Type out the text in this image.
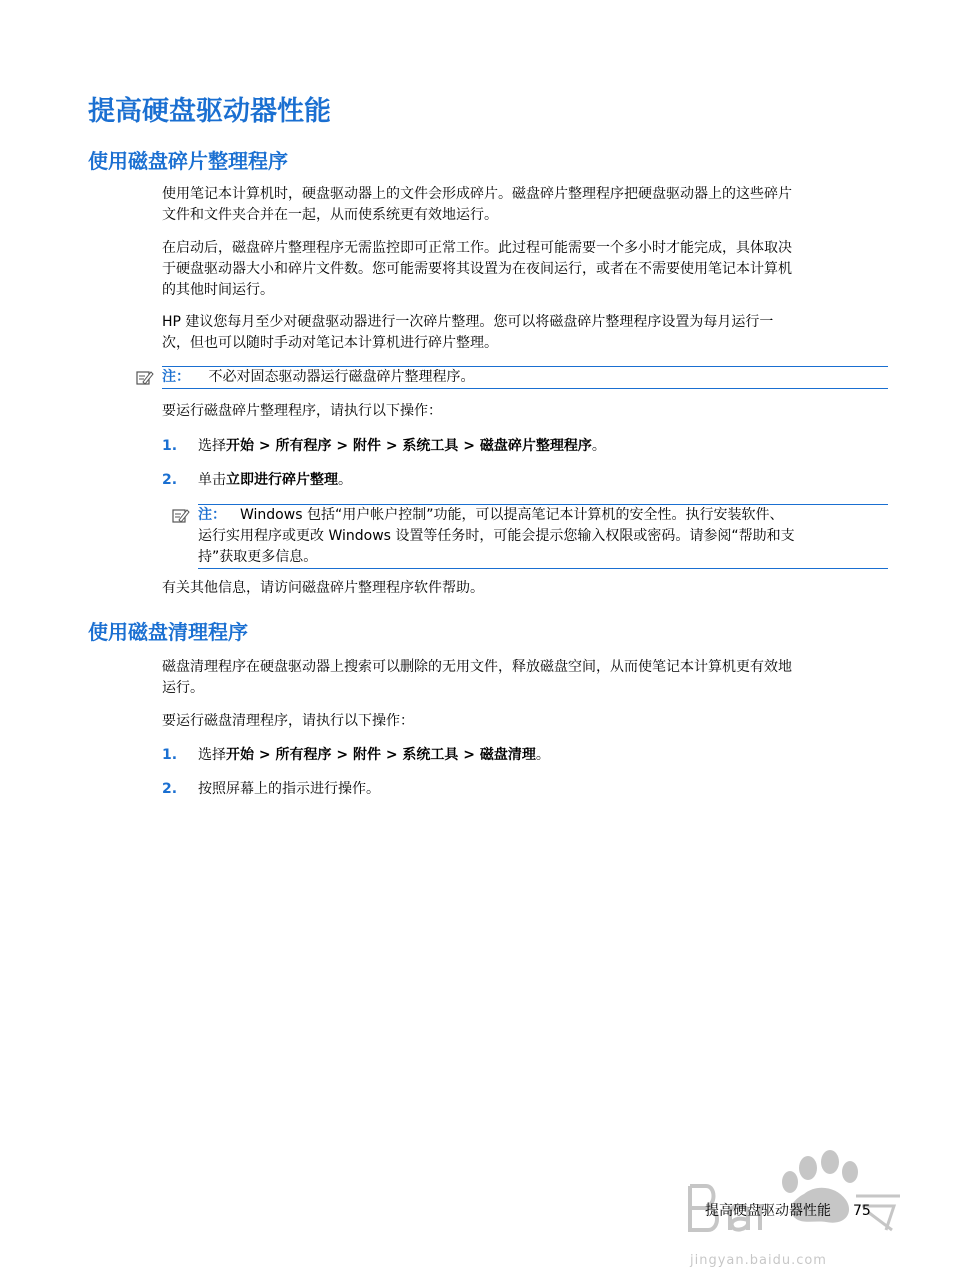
提高硬盘驱动器性能
使用磁盘碎片整理程序

使用笔记本计算机时，硬盘驱动器上的文件会形成碎片。磁盘碎片整理程序把硬盘驱动器上的这些碎片
文件和文件夹合并在一起，从而使系统更有效地运行。

在启动后，磁盘碎片整理程序无需监控即可正常工作。此过程可能需要一个多小时才能完成，具体取决
于硬盘驱动器大小和碎片文件数。您可能需要将其设置为在夜间运行，或者在不需要使用笔记本计算机
的其他时间运行。

HP 建议您每月至少对硬盘驱动器进行一次碎片整理。您可以将磁盘碎片整理程序设置为每月运行一
次，但也可以随时手动对笔记本计算机进行碎片整理。

注： 不必对固态驱动器运行磁盘碎片整理程序。

要运行磁盘碎片整理程序，请执行以下操作：

1. 选择开始 > 所有程序 > 附件 > 系统工具 > 磁盘碎片整理程序。
2. 单击立即进行碎片整理。
注： Windows 包括“用户帐户控制”功能，可以提高笔记本计算机的安全性。执行安装软件、
运行实用程序或更改 Windows 设置等任务时，可能会提示您输入权限或密码。请参阅“帮助和支
持”获取更多信息。

有关其他信息，请访问磁盘碎片整理程序软件帮助。

使用磁盘清理程序

磁盘清理程序在硬盘驱动器上搜索可以删除的无用文件，释放磁盘空间，从而使笔记本计算机更有效地
运行。

要运行磁盘清理程序，请执行以下操作：

1. 选择开始 > 所有程序 > 附件 > 系统工具 > 磁盘清理。
2. 按照屏幕上的指示进行操作。
jingyan.baidu.com
提高硬盘驱动器性能 75
